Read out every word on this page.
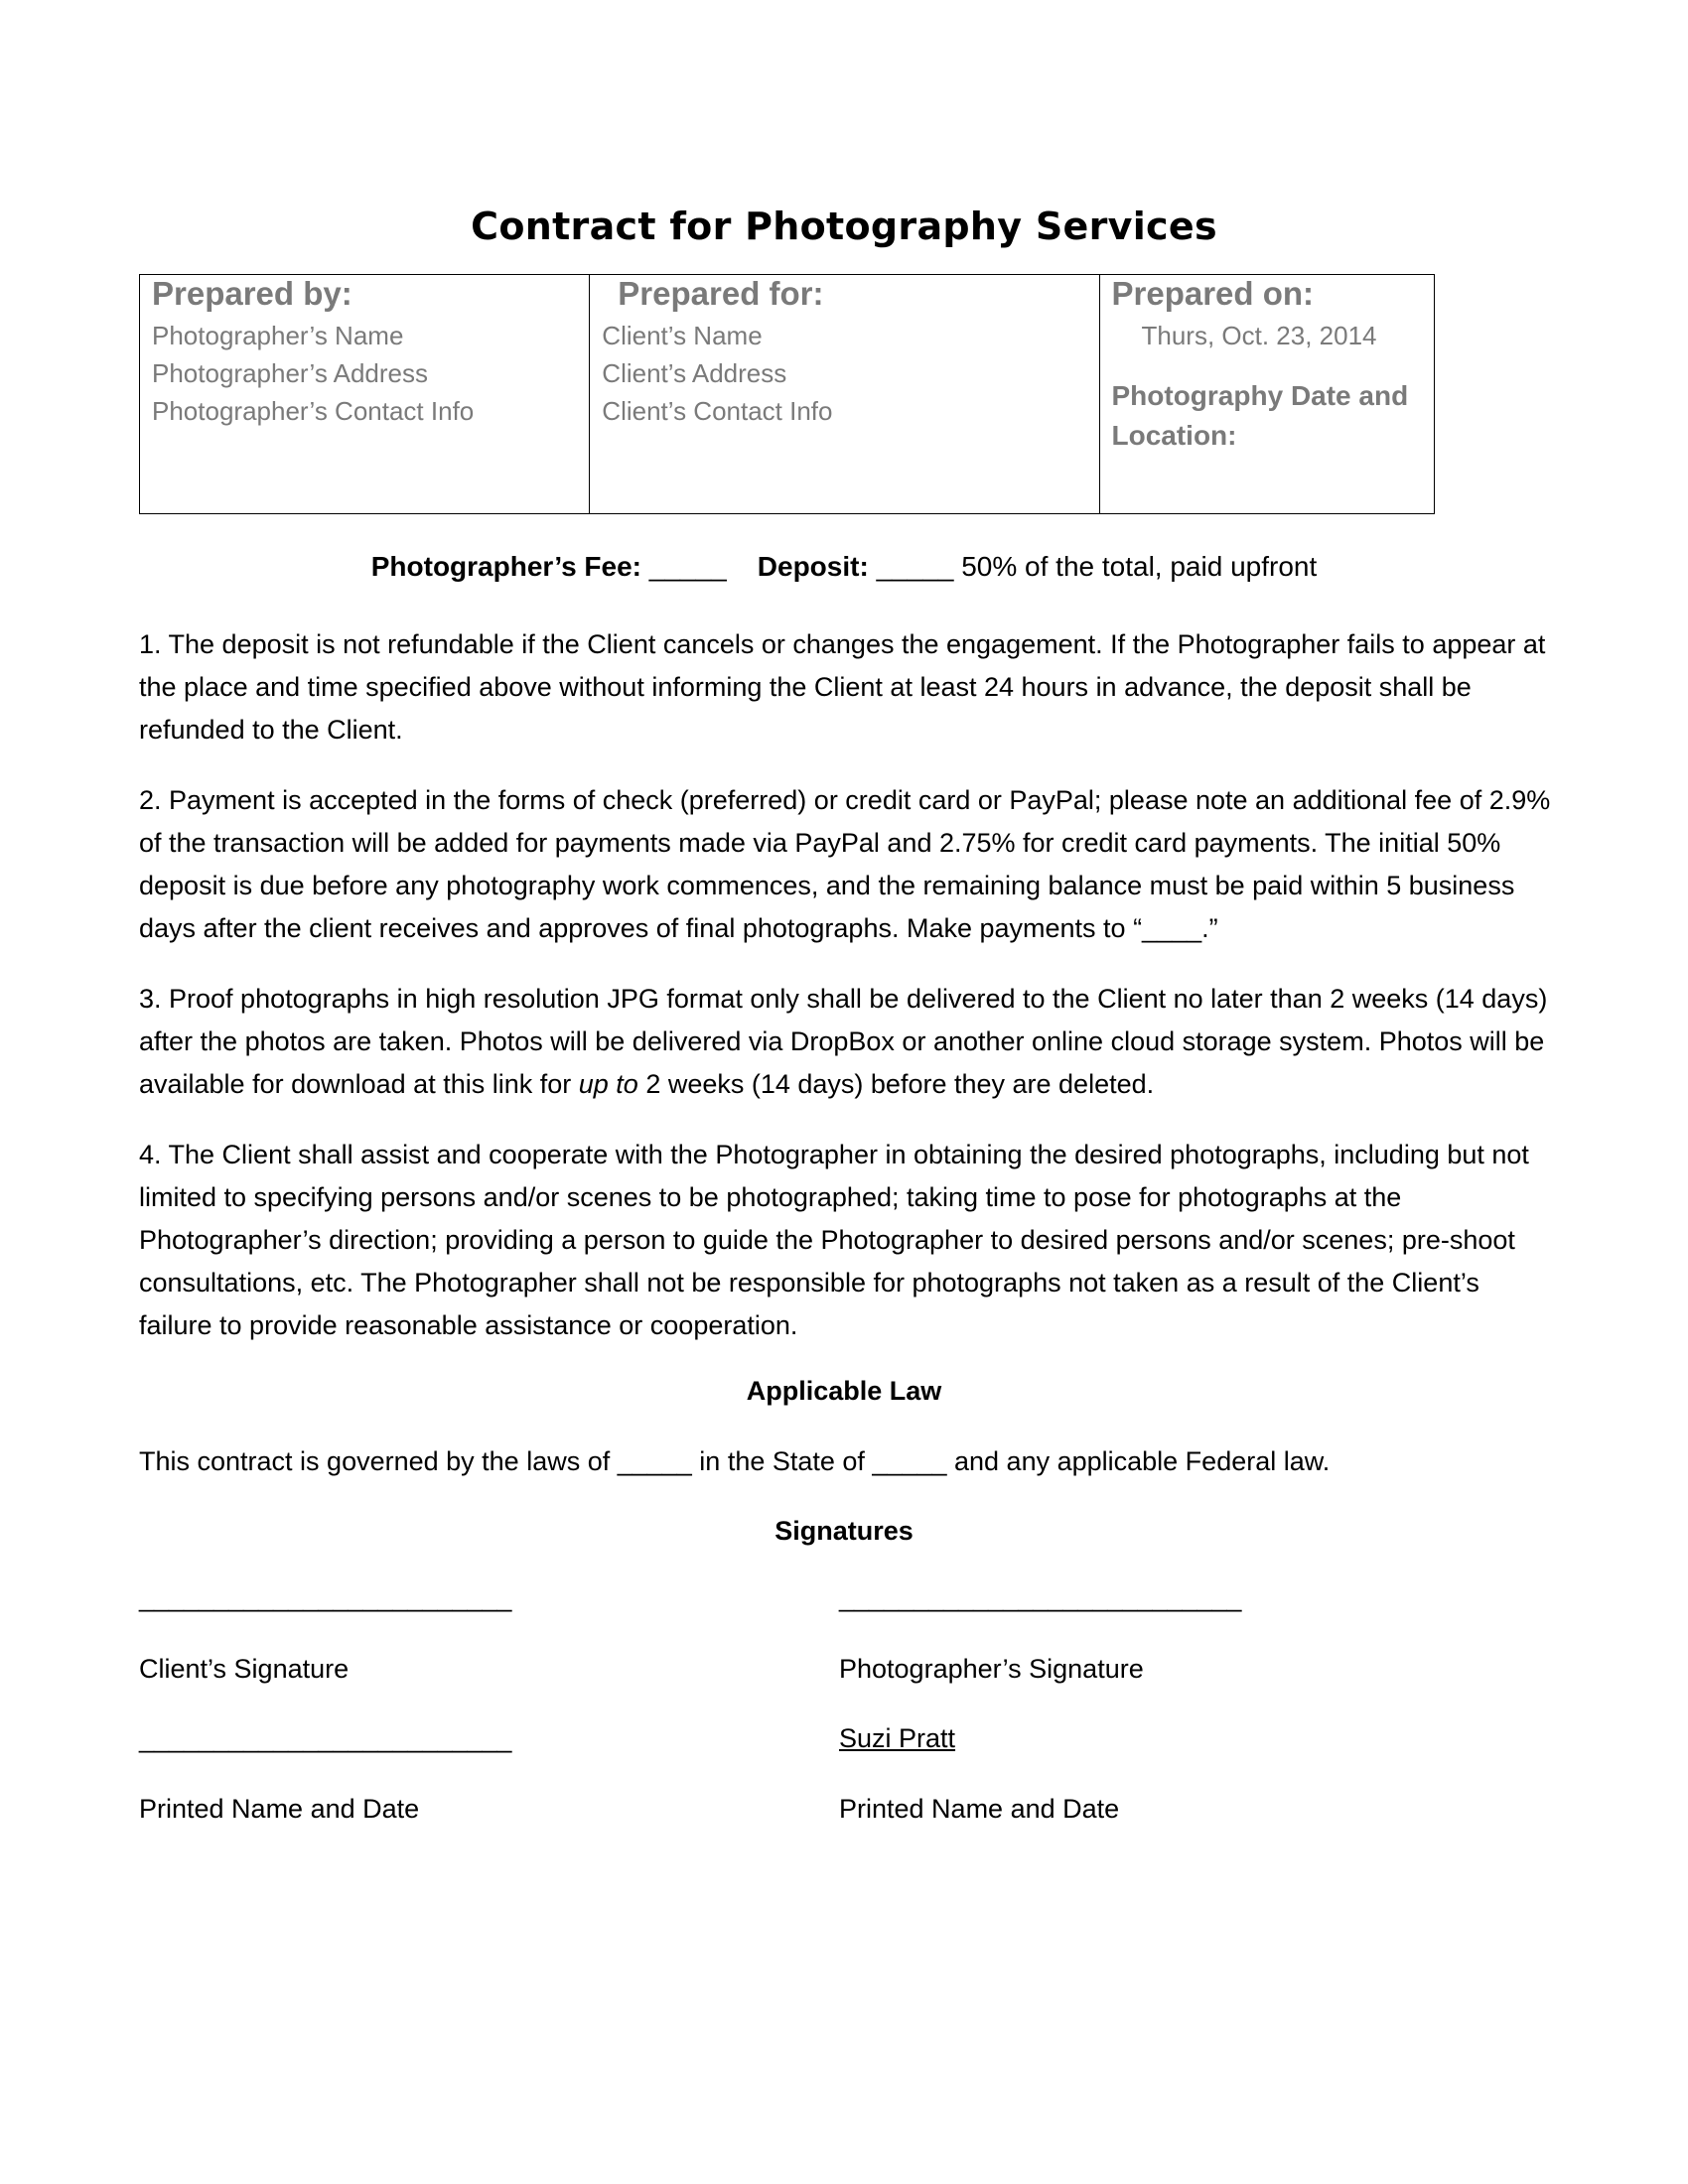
Contract for Photography Services
Prepared by:
Photographer’s Name
Photographer’s Address
Photographer’s Contact Info
Prepared for:
Client’s Name
Client’s Address
Client’s Contact Info
Prepared on:
Thurs, Oct. 23, 2014
Photography Date and Location:
Photographer’s Fee: _____ Deposit: _____ 50% of the total, paid upfront
1. The deposit is not refundable if the Client cancels or changes the engagement. If the Photographer fails to appear at the place and time specified above without informing the Client at least 24 hours in advance, the deposit shall be refunded to the Client.
2. Payment is accepted in the forms of check (preferred) or credit card or PayPal; please note an additional fee of 2.9% of the transaction will be added for payments made via PayPal and 2.75% for credit card payments. The initial 50% deposit is due before any photography work commences, and the remaining balance must be paid within 5 business days after the client receives and approves of final photographs. Make payments to “____.”
3. Proof photographs in high resolution JPG format only shall be delivered to the Client no later than 2 weeks (14 days) after the photos are taken. Photos will be delivered via DropBox or another online cloud storage system. Photos will be available for download at this link for up to 2 weeks (14 days) before they are deleted.
4. The Client shall assist and cooperate with the Photographer in obtaining the desired photographs, including but not limited to specifying persons and/or scenes to be photographed; taking time to pose for photographs at the Photographer’s direction; providing a person to guide the Photographer to desired persons and/or scenes; pre-shoot consultations, etc. The Photographer shall not be responsible for photographs not taken as a result of the Client’s failure to provide reasonable assistance or cooperation.
Applicable Law
This contract is governed by the laws of _____ in the State of _____ and any applicable Federal law.
Signatures
_________________________	___________________________
Client’s Signature	Photographer’s Signature
_________________________	Suzi Pratt
Printed Name and Date	Printed Name and Date
